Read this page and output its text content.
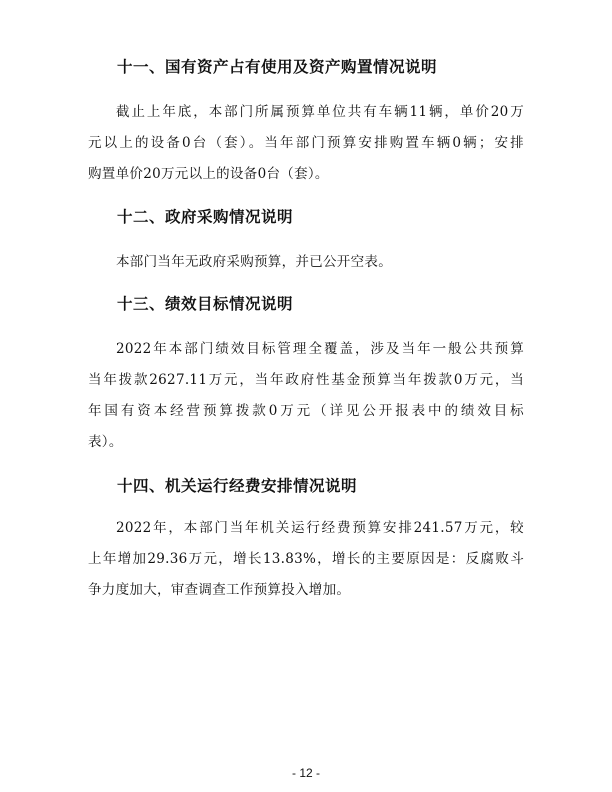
十一、国有资产占有使用及资产购置情况说明
截止上年底，本部门所属预算单位共有车辆11辆，单价20万
元以上的设备0台（套）。当年部门预算安排购置车辆0辆；安排
购置单价20万元以上的设备0台（套）。
十二、政府采购情况说明
本部门当年无政府采购预算，并已公开空表。
十三、绩效目标情况说明
2022年本部门绩效目标管理全覆盖，涉及当年一般公共预算
当年拨款2627.11万元，当年政府性基金预算当年拨款0万元，当
年国有资本经营预算拨款0万元（详见公开报表中的绩效目标
表）。
十四、机关运行经费安排情况说明
2022年，本部门当年机关运行经费预算安排241.57万元，较
上年增加29.36万元，增长13.83%，增长的主要原因是：反腐败斗
争力度加大，审查调查工作预算投入增加。
- 12 -
